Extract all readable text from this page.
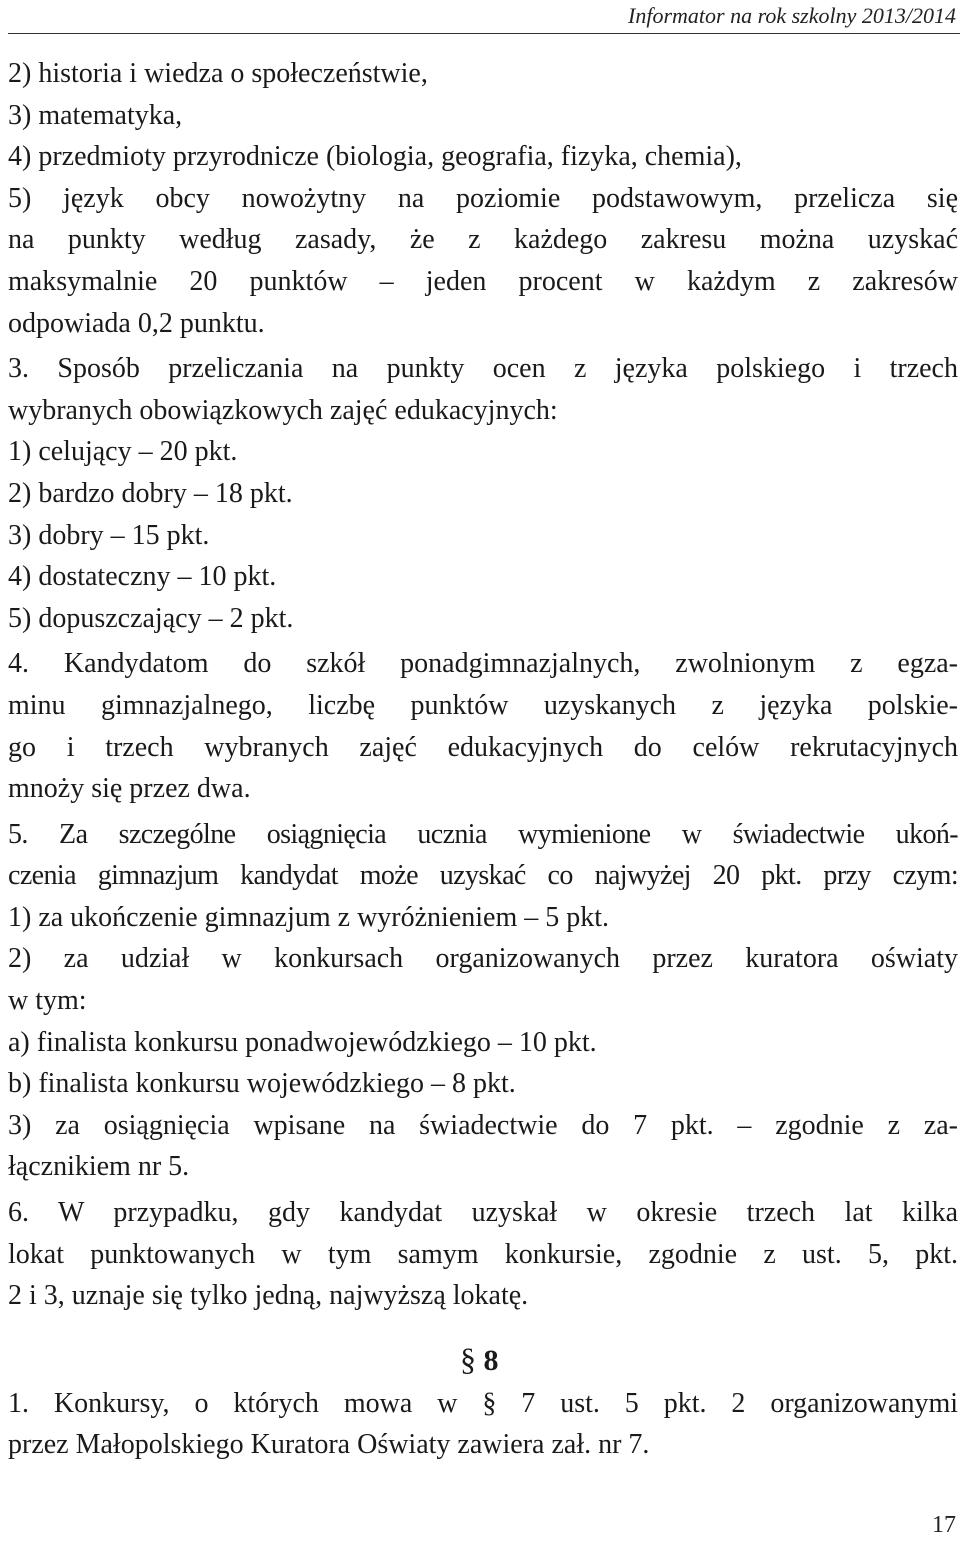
Informator na rok szkolny 2013/2014
2) historia i wiedza o społeczeństwie,
3) matematyka,
4) przedmioty przyrodnicze (biologia, geografia, fizyka, chemia),
5) język obcy nowożytny na poziomie podstawowym, przelicza się
na punkty według zasady, że z każdego zakresu można uzyskać
maksymalnie 20 punktów – jeden procent w każdym z zakresów
odpowiada 0,2 punktu.
3. Sposób przeliczania na punkty ocen z języka polskiego i trzech
wybranych obowiązkowych zajęć edukacyjnych:
1) celujący – 20 pkt.
2) bardzo dobry – 18 pkt.
3) dobry – 15 pkt.
4) dostateczny – 10 pkt.
5) dopuszczający – 2 pkt.
4. Kandydatom do szkół ponadgimnazjalnych, zwolnionym z egza-
minu gimnazjalnego, liczbę punktów uzyskanych z języka polskie-
go i trzech wybranych zajęć edukacyjnych do celów rekrutacyjnych
mnoży się przez dwa.
5. Za szczególne osiągnięcia ucznia wymienione w świadectwie ukoń-
czenia gimnazjum kandydat może uzyskać co najwyżej 20 pkt. przy czym:
1) za ukończenie gimnazjum z wyróżnieniem – 5 pkt.
2) za udział w konkursach organizowanych przez kuratora oświaty
w tym:
a) finalista konkursu ponadwojewódzkiego – 10 pkt.
b) finalista konkursu wojewódzkiego – 8 pkt.
3) za osiągnięcia wpisane na świadectwie do 7 pkt. – zgodnie z za-
łącznikiem nr 5.
6. W przypadku, gdy kandydat uzyskał w okresie trzech lat kilka
lokat punktowanych w tym samym konkursie, zgodnie z ust. 5, pkt.
2 i 3, uznaje się tylko jedną, najwyższą lokatę.
§ 8
1. Konkursy, o których mowa w § 7 ust. 5 pkt. 2 organizowanymi
przez Małopolskiego Kuratora Oświaty zawiera zał. nr 7.
17
